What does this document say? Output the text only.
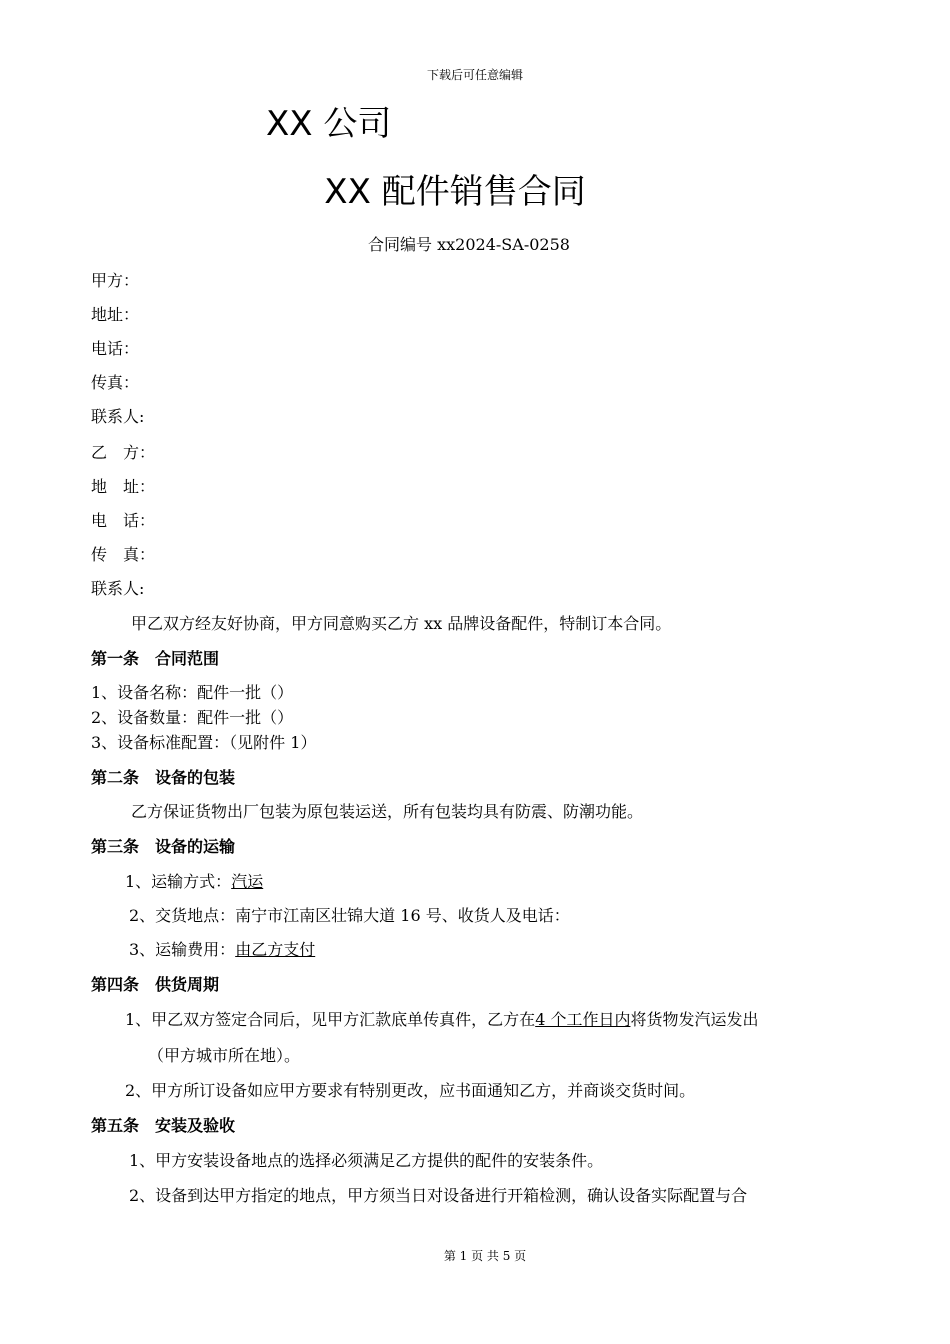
下载后可任意编辑
XX 公司
XX 配件销售合同
合同编号 xx2024-SA-0258
甲方：
地址：
电话：
传真：
联系人:
乙　方：
地　址：
电　话：
传　真：
联系人:
甲乙双方经友好协商，甲方同意购买乙方 xx 品牌设备配件，特制订本合同。
第一条　合同范围
1、设备名称：配件一批（）
2、设备数量：配件一批（）
3、设备标准配置：（见附件 1）
第二条　设备的包装
乙方保证货物出厂包装为原包装运送，所有包装均具有防震、防潮功能。
第三条　设备的运输
1、运输方式：汽运
2、交货地点：南宁市江南区壮锦大道 16 号、收货人及电话：
3、运输费用：由乙方支付
第四条　供货周期
1、甲乙双方签定合同后，见甲方汇款底单传真件，乙方在4 个工作日内将货物发汽运发出
（甲方城市所在地）。
2、甲方所订设备如应甲方要求有特别更改，应书面通知乙方，并商谈交货时间。
第五条　安装及验收
1、甲方安装设备地点的选择必须满足乙方提供的配件的安装条件。
2、设备到达甲方指定的地点，甲方须当日对设备进行开箱检测，确认设备实际配置与合
第 1 页 共 5 页
